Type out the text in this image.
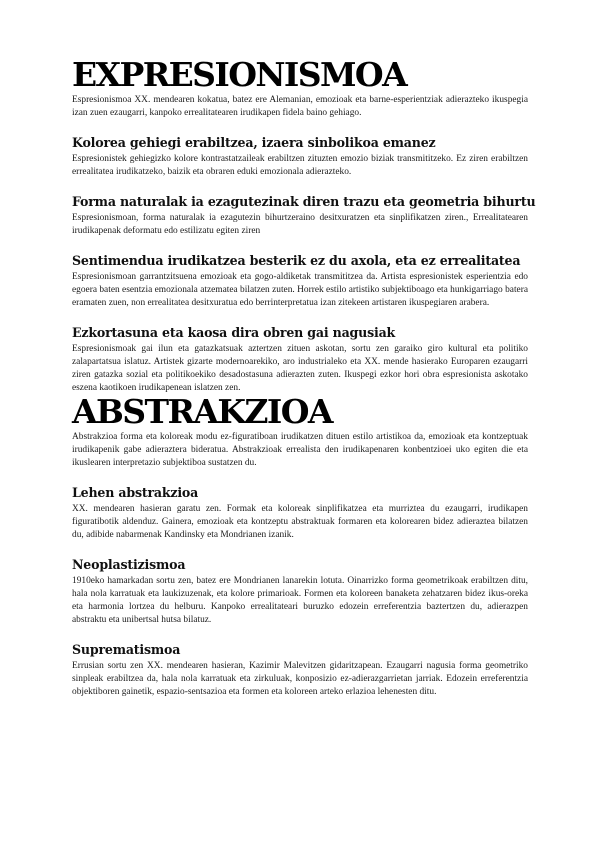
EXPRESIONISMOA

Espresionismoa XX. mendearen kokatua, batez ere Alemanian, emozioak eta barne-esperientziak adierazteko ikuspegia izan zuen ezaugarri, kanpoko errealitatearen irudikapen fidela baino gehiago.

Kolorea gehiegi erabiltzea, izaera sinbolikoa emanez

Espresionistek gehiegizko kolore kontrastatzaileak erabiltzen zituzten emozio biziak transmititzeko. Ez ziren erabiltzen errealitatea irudikatzeko, baizik eta obraren eduki emozionala adierazteko.

Forma naturalak ia ezagutezinak diren trazu eta geometria bihurtu

Espresionismoan, forma naturalak ia ezagutezin bihurtzeraino desitxuratzen eta sinplifikatzen ziren., Errealitatearen irudikapenak deformatu edo estilizatu egiten ziren

Sentimendua irudikatzea besterik ez du axola, eta ez errealitatea

Espresionismoan garrantzitsuena emozioak eta gogo-aldiketak transmititzea da. Artista espresionistek esperientzia edo egoera baten esentzia emozionala atzematea bilatzen zuten. Horrek estilo artistiko subjektiboago eta hunkigarriago batera eramaten zuen, non errealitatea desitxuratua edo berrinterpretatua izan zitekeen artistaren ikuspegiaren arabera.

Ezkortasuna eta kaosa dira obren gai nagusiak

Espresionismoak gai ilun eta gatazkatsuak aztertzen zituen askotan, sortu zen garaiko giro kultural eta politiko zalapartatsua islatuz. Artistek gizarte modernoarekiko, aro industrialeko eta XX. mende hasierako Europaren ezaugarri ziren gatazka sozial eta politikoekiko desadostasuna adierazten zuten. Ikuspegi ezkor hori obra espresionista askotako eszena kaotikoen irudikapenean islatzen zen.

ABSTRAKZIOA

Abstrakzioa forma eta koloreak modu ez-figuratiboan irudikatzen dituen estilo artistikoa da, emozioak eta kontzeptuak irudikapenik gabe adieraztera bideratua. Abstrakzioak errealista den irudikapenaren konbentzioei uko egiten die eta ikuslearen interpretazio subjektiboa sustatzen du.

Lehen abstrakzioa

XX. mendearen hasieran garatu zen. Formak eta koloreak sinplifikatzea eta murriztea du ezaugarri, irudikapen figuratibotik aldenduz. Gainera, emozioak eta kontzeptu abstraktuak formaren eta kolorearen bidez adieraztea bilatzen du, adibide nabarmenak Kandinsky eta Mondrianen izanik.

Neoplastizismoa

1910eko hamarkadan sortu zen, batez ere Mondrianen lanarekin lotuta. Oinarrizko forma geometrikoak erabiltzen ditu, hala nola karratuak eta laukizuzenak, eta kolore primarioak. Formen eta koloreen banaketa zehatzaren bidez ikus-oreka eta harmonia lortzea du helburu. Kanpoko errealitateari buruzko edozein erreferentzia baztertzen du, adierazpen abstraktu eta unibertsal hutsa bilatuz.

Suprematismoa

Errusian sortu zen XX. mendearen hasieran, Kazimir Malevitzen gidaritzapean. Ezaugarri nagusia forma geometriko sinpleak erabiltzea da, hala nola karratuak eta zirkuluak, konposizio ez-adierazgarrietan jarriak. Edozein erreferentzia objektiboren gainetik, espazio-sentsazioa eta formen eta koloreen arteko erlazioa lehenesten ditu.
